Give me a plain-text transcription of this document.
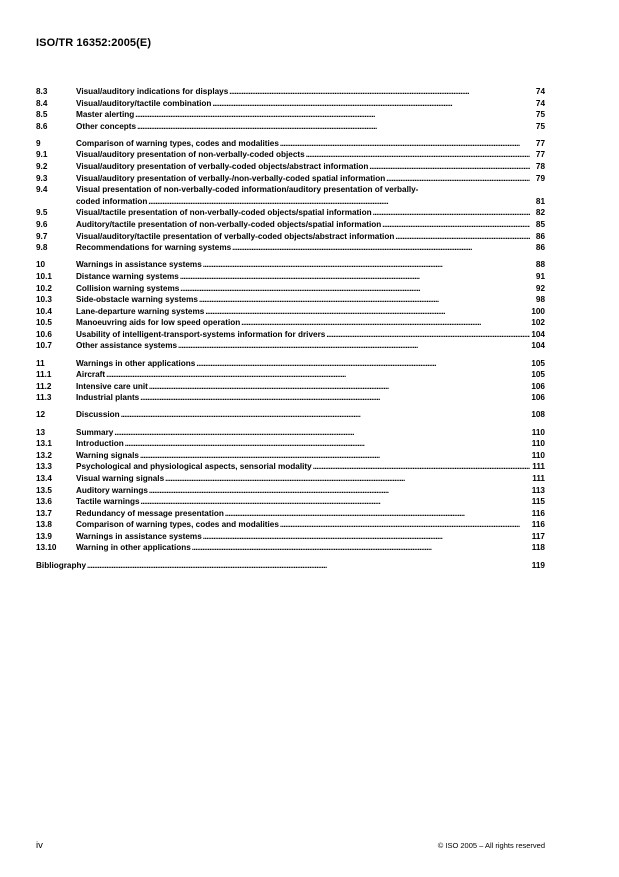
ISO/TR 16352:2005(E)
8.3	Visual/auditory indications for displays . . .	74
8.4	Visual/auditory/tactile combination . . .	74
8.5	Master alerting . . .	75
8.6	Other concepts . . .	75
9	Comparison of warning types, codes and modalities . . .	77
9.1	Visual/auditory presentation of non-verbally-coded objects . . .	77
9.2	Visual/auditory presentation of verbally-coded objects/abstract information . . .	78
9.3	Visual/auditory presentation of verbally-/non-verbally-coded spatial information . . .	79
9.4	Visual presentation of non-verbally-coded information/auditory presentation of verbally-
coded information . . .	81
9.5	Visual/tactile presentation of non-verbally-coded objects/spatial information . . .	82
9.6	Auditory/tactile presentation of non-verbally-coded objects/spatial information . . .	85
9.7	Visual/auditory/tactile presentation of verbally-coded objects/abstract information . . .	86
9.8	Recommendations for warning systems . . .	86
10	Warnings in assistance systems . . .	88
10.1	Distance warning systems . . .	91
10.2	Collision warning systems . . .	92
10.3	Side-obstacle warning systems . . .	98
10.4	Lane-departure warning systems . . .	100
10.5	Manoeuvring aids for low speed operation . . .	102
10.6	Usability of intelligent-transport-systems information for drivers . . .	104
10.7	Other assistance systems . . .	104
11	Warnings in other applications . . .	105
11.1	Aircraft . . .	105
11.2	Intensive care unit . . .	106
11.3	Industrial plants . . .	106
12	Discussion . . .	108
13	Summary . . .	110
13.1	Introduction . . .	110
13.2	Warning signals . . .	110
13.3	Psychological and physiological aspects, sensorial modality . . .	111
13.4	Visual warning signals . . .	111
13.5	Auditory warnings . . .	113
13.6	Tactile warnings . . .	115
13.7	Redundancy of message presentation . . .	116
13.8	Comparison of warning types, codes and modalities . . .	116
13.9	Warnings in assistance systems . . .	117
13.10	Warning in other applications . . .	118
Bibliography . . .	119
iv	© ISO 2005 – All rights reserved
